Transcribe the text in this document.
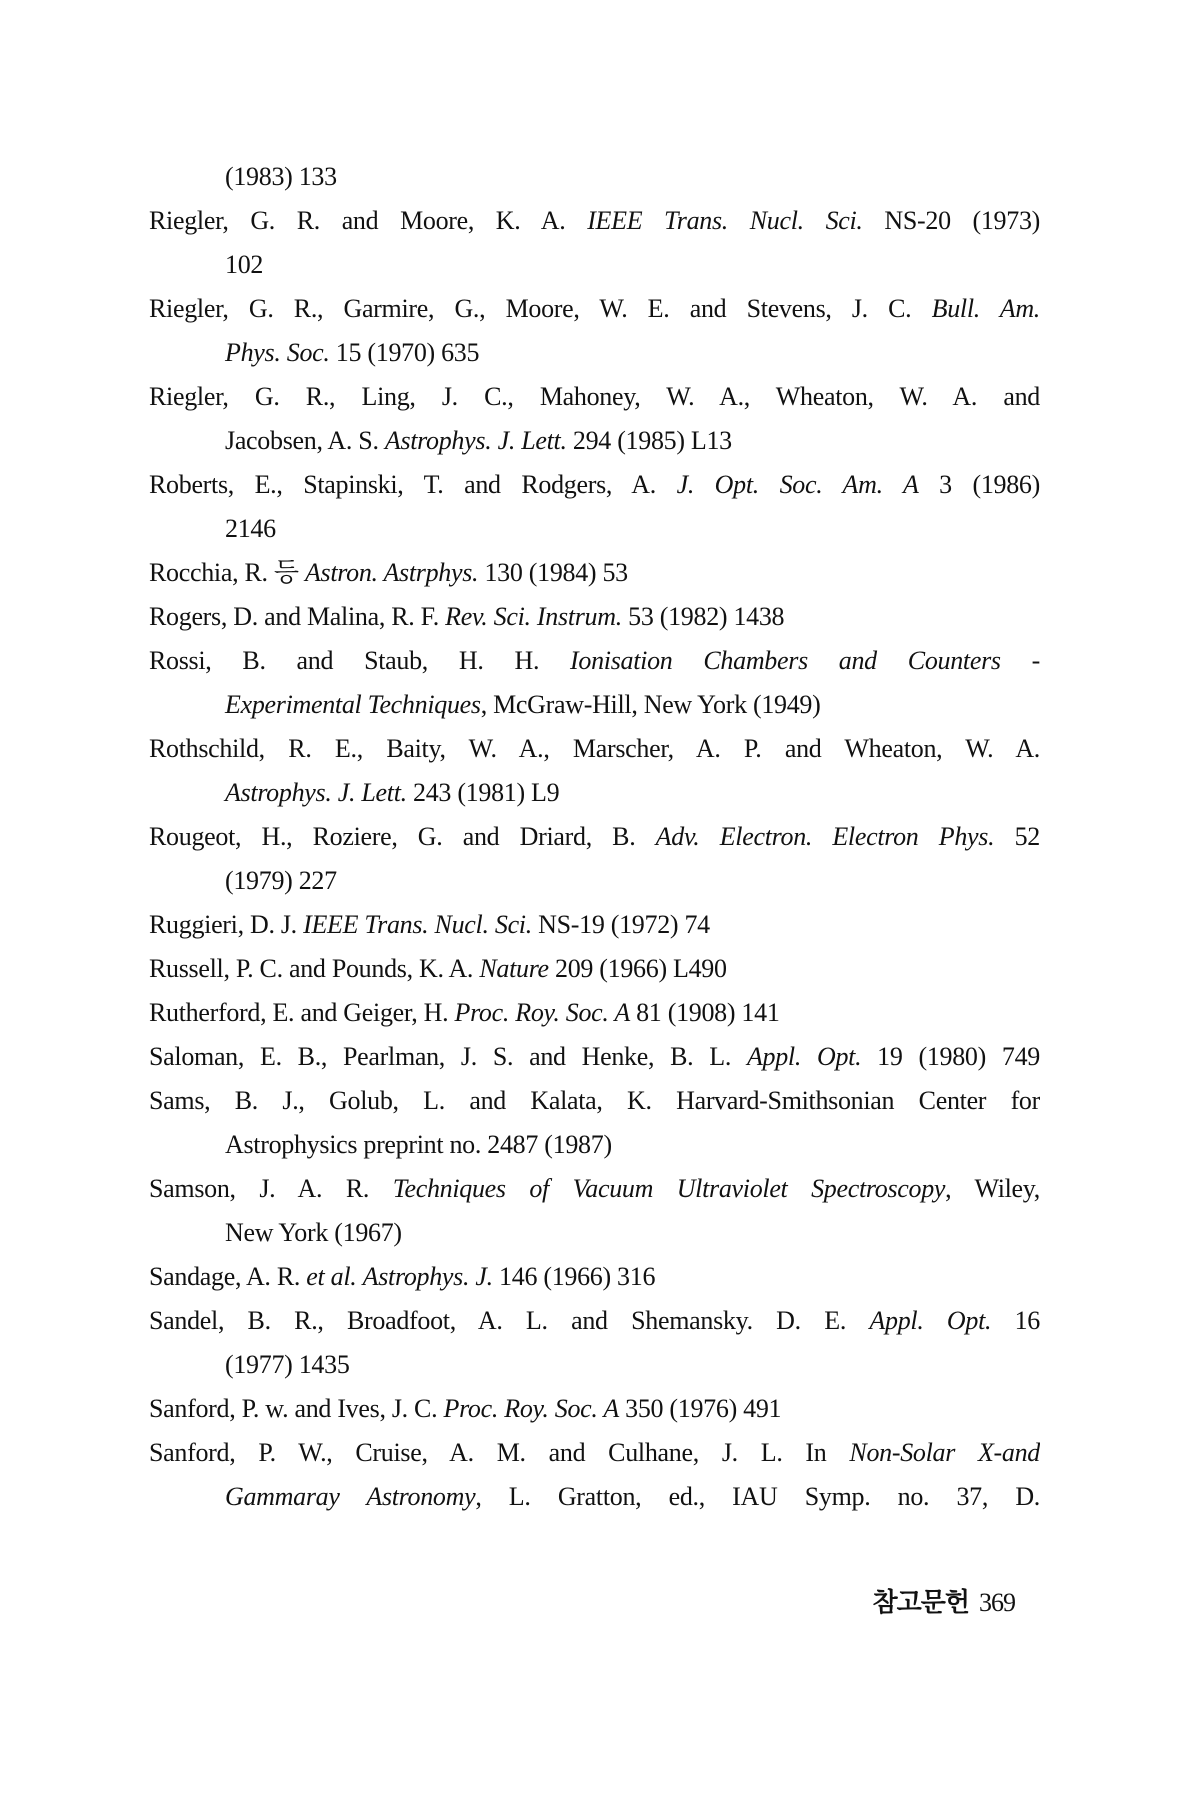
(1983) 133
Riegler, G. R. and Moore, K. A. IEEE Trans. Nucl. Sci. NS-20 (1973)
102
Riegler, G. R., Garmire, G., Moore, W. E. and Stevens, J. C. Bull. Am.
Phys. Soc. 15 (1970) 635
Riegler, G. R., Ling, J. C., Mahoney, W. A., Wheaton, W. A. and
Jacobsen, A. S. Astrophys. J. Lett. 294 (1985) L13
Roberts, E., Stapinski, T. and Rodgers, A. J. Opt. Soc. Am. A 3 (1986)
2146
Rocchia, R. 등 Astron. Astrphys. 130 (1984) 53
Rogers, D. and Malina, R. F. Rev. Sci. Instrum. 53 (1982) 1438
Rossi, B. and Staub, H. H. Ionisation Chambers and Counters -
Experimental Techniques, McGraw-Hill, New York (1949)
Rothschild, R. E., Baity, W. A., Marscher, A. P. and Wheaton, W. A.
Astrophys. J. Lett. 243 (1981) L9
Rougeot, H., Roziere, G. and Driard, B. Adv. Electron. Electron Phys. 52
(1979) 227
Ruggieri, D. J. IEEE Trans. Nucl. Sci. NS-19 (1972) 74
Russell, P. C. and Pounds, K. A. Nature 209 (1966) L490
Rutherford, E. and Geiger, H. Proc. Roy. Soc. A 81 (1908) 141
Saloman, E. B., Pearlman, J. S. and Henke, B. L. Appl. Opt. 19 (1980) 749
Sams, B. J., Golub, L. and Kalata, K. Harvard-Smithsonian Center for
Astrophysics preprint no. 2487 (1987)
Samson, J. A. R. Techniques of Vacuum Ultraviolet Spectroscopy, Wiley,
New York (1967)
Sandage, A. R. et al. Astrophys. J. 146 (1966) 316
Sandel, B. R., Broadfoot, A. L. and Shemansky. D. E. Appl. Opt. 16
(1977) 1435
Sanford, P. w. and Ives, J. C. Proc. Roy. Soc. A 350 (1976) 491
Sanford, P. W., Cruise, A. M. and Culhane, J. L. In Non-Solar X-and
Gammaray Astronomy, L. Gratton, ed., IAU Symp. no. 37, D.
참고문헌 369
